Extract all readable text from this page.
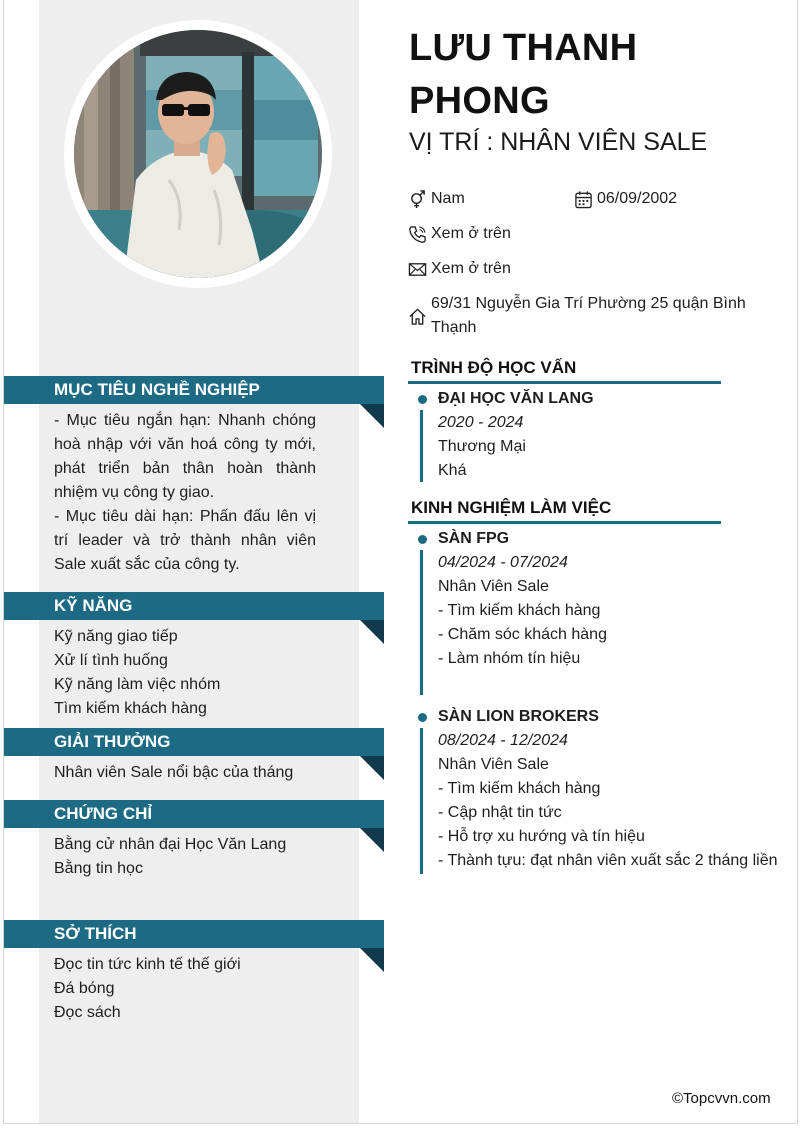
LƯU THANH
PHONG
VỊ TRÍ : NHÂN VIÊN SALE
Nam	06/09/2002
Xem ở trên
Xem ở trên
69/31 Nguyễn Gia Trí Phường 25 quận Bình
Thạnh
MỤC TIÊU NGHỀ NGHIỆP
- Mục tiêu ngắn hạn: Nhanh chóng hoà nhập với văn hoá công ty mới, phát triển bản thân hoàn thành nhiệm vụ công ty giao.
- Mục tiêu dài hạn: Phấn đấu lên vị trí leader và trở thành nhân viên Sale xuất sắc của công ty.
KỸ NĂNG
Kỹ năng giao tiếp
Xử lí tình huống
Kỹ năng làm việc nhóm
Tìm kiếm khách hàng
GIẢI THƯỞNG
Nhân viên Sale nổi bậc của tháng
CHỨNG CHỈ
Bằng cử nhân đại Học Văn Lang
Bằng tin học
SỞ THÍCH
Đọc tin tức kinh tế thế giới
Đá bóng
Đọc sách
TRÌNH ĐỘ HỌC VẤN
ĐẠI HỌC VĂN LANG
2020 - 2024
Thương Mại
Khá
KINH NGHIỆM LÀM VIỆC
SÀN FPG
04/2024 - 07/2024
Nhân Viên Sale
- Tìm kiếm khách hàng
- Chăm sóc khách hàng
- Làm nhóm tín hiệu
SÀN LION BROKERS
08/2024 - 12/2024
Nhân Viên Sale
- Tìm kiếm khách hàng
- Cập nhật tin tức
- Hỗ trợ xu hướng và tín hiệu
- Thành tựu: đạt nhân viên xuất sắc 2 tháng liền
©Topcvvn.com
